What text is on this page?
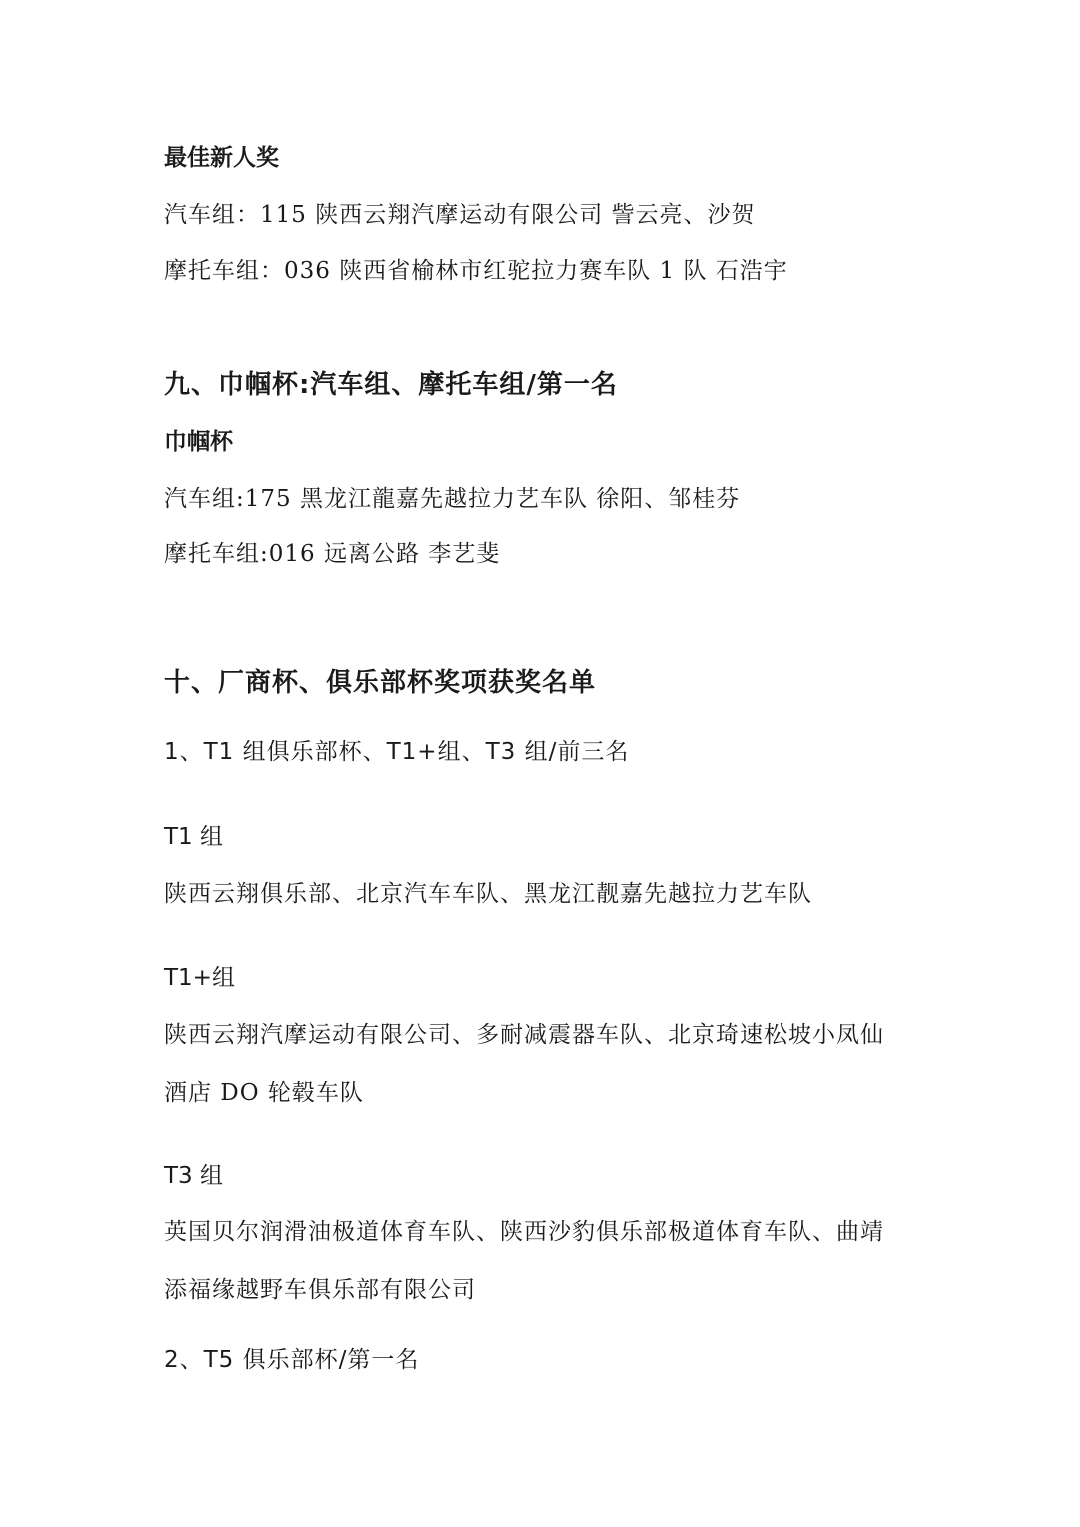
最佳新人奖
汽车组：115 陕西云翔汽摩运动有限公司 訾云亮、沙贺
摩托车组：036 陕西省榆林市红驼拉力赛车队 1 队 石浩宇
九、巾帼杯:汽车组、摩托车组/第一名
巾帼杯
汽车组:175 黑龙江龍嘉先越拉力艺车队 徐阳、邹桂芬
摩托车组:016 远离公路 李艺斐
十、厂商杯、俱乐部杯奖项获奖名单
1、T1 组俱乐部杯、T1+组、T3 组/前三名
T1 组
陕西云翔俱乐部、北京汽车车队、黑龙江靓嘉先越拉力艺车队
T1+组
陕西云翔汽摩运动有限公司、多耐减震器车队、北京琦速松坡小凤仙
酒店 DO 轮毂车队
T3 组
英国贝尔润滑油极道体育车队、陕西沙豹俱乐部极道体育车队、曲靖
添福缘越野车俱乐部有限公司
2、T5 俱乐部杯/第一名
